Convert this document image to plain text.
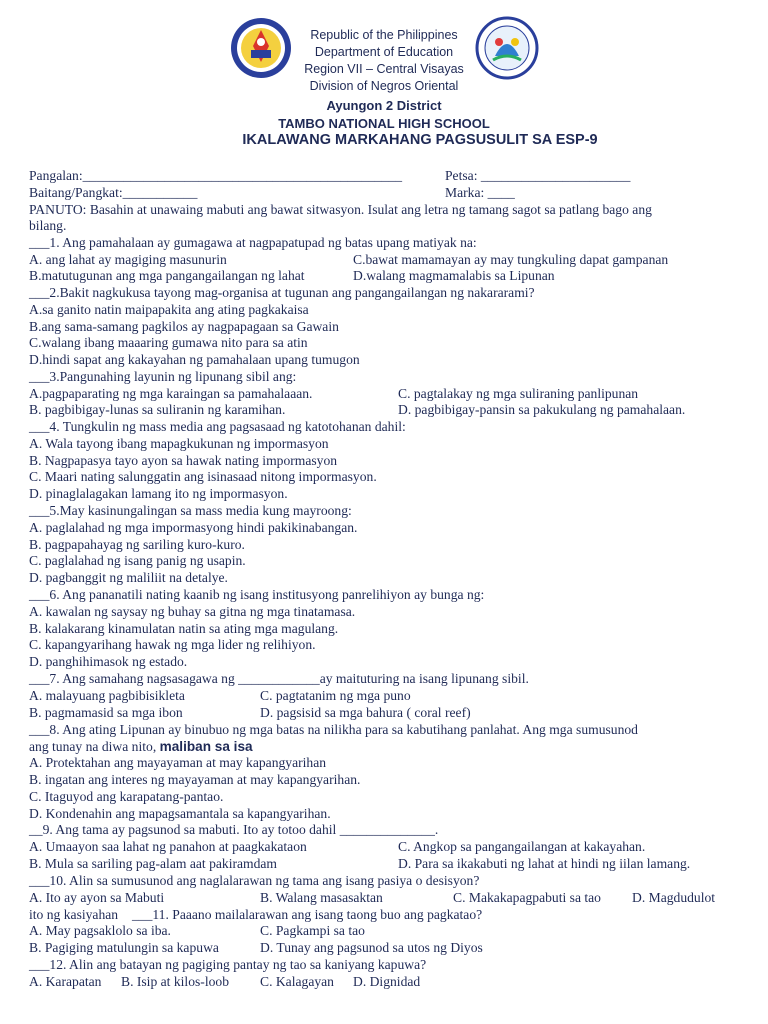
Republic of the Philippines
Department of Education
Region VII – Central Visayas
Division of Negros Oriental
Ayungon 2 District
TAMBO NATIONAL HIGH SCHOOL
IKALAWANG MARKAHANG PAGSUSULIT SA ESP-9
Pangalan:_______________________________________________	Petsa: ______________________
Baitang/Pangkat:___________	Marka: ____
PANUTO: Basahin at unawaing mabuti ang bawat sitwasyon. Isulat ang letra ng tamang sagot sa patlang bago ang
bilang.
___1. Ang pamahalaan ay gumagawa at nagpapatupad ng batas upang matiyak na:
A. ang lahat ay magiging masunurin	C.bawat mamamayan ay may tungkuling dapat gampanan
B.matutugunan ang mga pangangailangan ng lahat	D.walang magmamalabis sa Lipunan
___2.Bakit nagkukusa tayong mag-organisa at tugunan ang pangangailangan ng nakararami?
A.sa ganito natin maipapakita ang ating pagkakaisa
B.ang sama-samang pagkilos ay nagpapagaan sa Gawain
C.walang ibang maaaring gumawa nito para sa atin
D.hindi sapat ang kakayahan ng pamahalaan upang tumugon
___3.Pangunahing layunin ng lipunang sibil ang:
A.pagpaparating ng mga karaingan sa pamahalaaan.	C. pagtalakay ng mga suliraning panlipunan
B. pagbibigay-lunas sa suliranin ng karamihan.	D. pagbibigay-pansin sa pakukulang ng pamahalaan.
___4. Tungkulin ng mass media ang pagsasaad ng katotohanan dahil:
A. Wala tayong ibang mapagkukunan ng impormasyon
B. Nagpapasya tayo ayon sa hawak nating impormasyon
C. Maari nating salunggatin ang isinasaad nitong impormasyon.
D. pinaglalagakan lamang ito ng impormasyon.
___5.May kasinungalingan sa mass media kung mayroong:
A. paglalahad ng mga impormasyong hindi pakikinabangan.
B. pagpapahayag ng sariling kuro-kuro.
C. paglalahad ng isang panig ng usapin.
D. pagbanggit ng maliliit na detalye.
___6. Ang pananatili nating kaanib ng isang institusyong panrelihiyon ay bunga ng:
A. kawalan ng saysay ng buhay sa gitna ng mga tinatamasa.
B. kalakarang kinamulatan natin sa ating mga magulang.
C. kapangyarihang hawak ng mga lider ng relihiyon.
D. panghihimasok ng estado.
___7. Ang samahang nagsasagawa ng ____________ay maituturing na isang lipunang sibil.
A. malayuang pagbibisikleta	C. pagtatanim ng mga puno
B. pagmamasid sa mga ibon	D. pagsisid sa mga bahura ( coral reef)
___8. Ang ating Lipunan ay binubuo ng mga batas na nilikha para sa kabutihang panlahat. Ang mga sumusunod
ang tunay na diwa nito, maliban sa isa
A. Protektahan ang mayayaman at may kapangyarihan
B. ingatan ang interes ng mayayaman at may kapangyarihan.
C. Itaguyod ang karapatang-pantao.
D. Kondenahin ang mapagsamantala sa kapangyarihan.
__9. Ang tama ay pagsunod sa mabuti. Ito ay totoo dahil ______________.
A. Umaayon saa lahat ng panahon at paagkakataon	C. Angkop sa pangangailangan at kakayahan.
B. Mula sa sariling pag-alam aat pakiramdam	D. Para sa ikakabuti ng lahat at hindi ng iilan lamang.
___10. Alin sa sumusunod ang naglalarawan ng tama ang isang pasiya o desisyon?
A. Ito ay ayon sa Mabuti	B. Walang masasaktan	C. Makakapagpabuti sa tao D. Magdudulot
ito ng kasiyahan ___11. Paaano mailalarawan ang isang taong buo ang pagkatao?
A. May pagsaklolo sa iba.	C. Pagkampi sa tao
B. Pagiging matulungin sa kapuwa	D. Tunay ang pagsunod sa utos ng Diyos
___12. Alin ang batayan ng pagiging pantay ng tao sa kaniyang kapuwa?
A. Karapatan B. Isip at kilos-loob C. Kalagayan D. Dignidad
